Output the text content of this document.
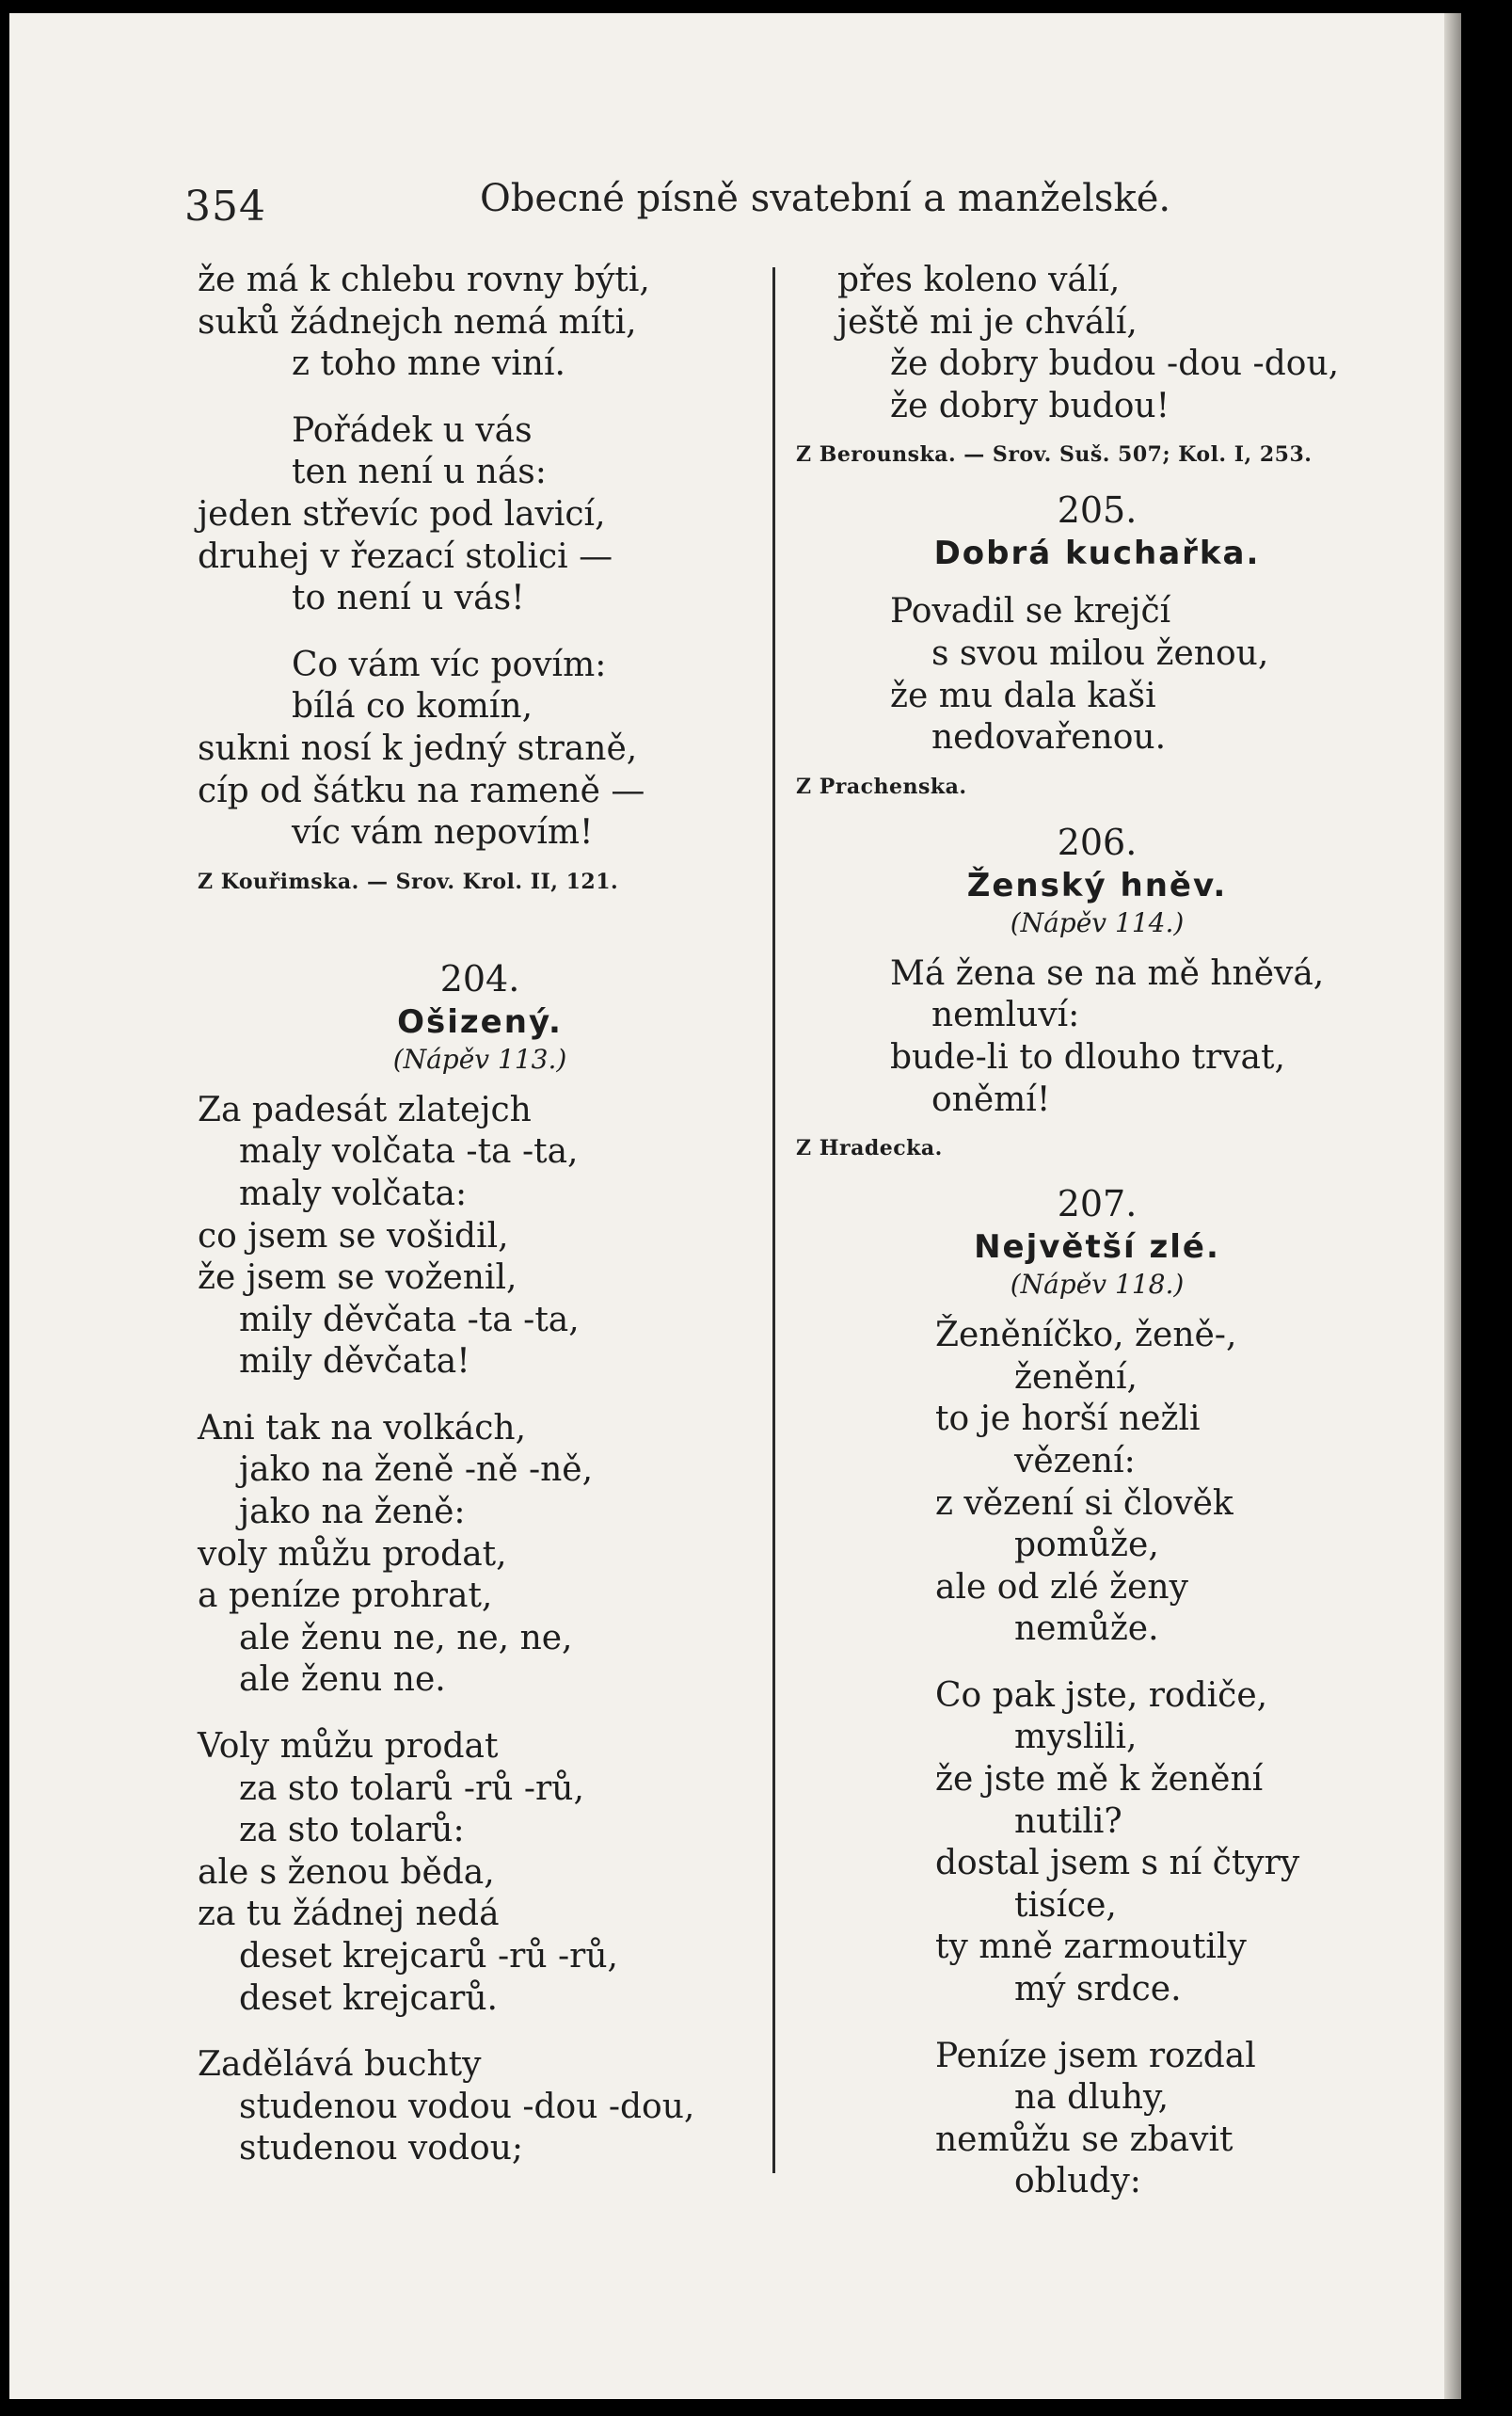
354	Obecné písně svatební a manželské.
že má k chlebu rovny býti,
suků žádnejch nemá míti,
z toho mne viní.
Pořádek u vás
ten není u nás:
jeden střevíc pod lavicí,
druhej v řezací stolici —
to není u vás!
Co vám víc povím:
bílá co komín,
sukni nosí k jedný straně,
cíp od šátku na rameně —
víc vám nepovím!
Z Kouřimska. — Srov. Krol. II, 121.
204.
Ošizený.
(Nápěv 113.)
Za padesát zlatejch
maly volčata -ta -ta,
maly volčata:
co jsem se vošidil,
že jsem se voženil,
mily děvčata -ta -ta,
mily děvčata!
Ani tak na volkách,
jako na ženě -ně -ně,
jako na ženě:
voly můžu prodat,
a peníze prohrat,
ale ženu ne, ne, ne,
ale ženu ne.
Voly můžu prodat
za sto tolarů -rů -rů,
za sto tolarů:
ale s ženou běda,
za tu žádnej nedá
deset krejcarů -rů -rů,
deset krejcarů.
Zadělává buchty
studenou vodou -dou -dou,
studenou vodou;
přes koleno válí,
ještě mi je chválí,
že dobry budou -dou -dou,
že dobry budou!
Z Berounska. — Srov. Suš. 507; Kol. I, 253.
205.
Dobrá kuchařka.
Povadil se krejčí
s svou milou ženou,
že mu dala kaši
nedovařenou.
Z Prachenska.
206.
Ženský hněv.
(Nápěv 114.)
Má žena se na mě hněvá,
nemluví:
bude-li to dlouho trvat,
oněmí!
Z Hradecka.
207.
Největší zlé.
(Nápěv 118.)
Ženěníčko, ženě-,
ženění,
to je horší nežli
vězení:
z vězení si člověk
pomůže,
ale od zlé ženy
nemůže.
Co pak jste, rodiče,
myslili,
že jste mě k ženění
nutili?
dostal jsem s ní čtyry
tisíce,
ty mně zarmoutily
mý srdce.
Peníze jsem rozdal
na dluhy,
nemůžu se zbavit
obludy:
